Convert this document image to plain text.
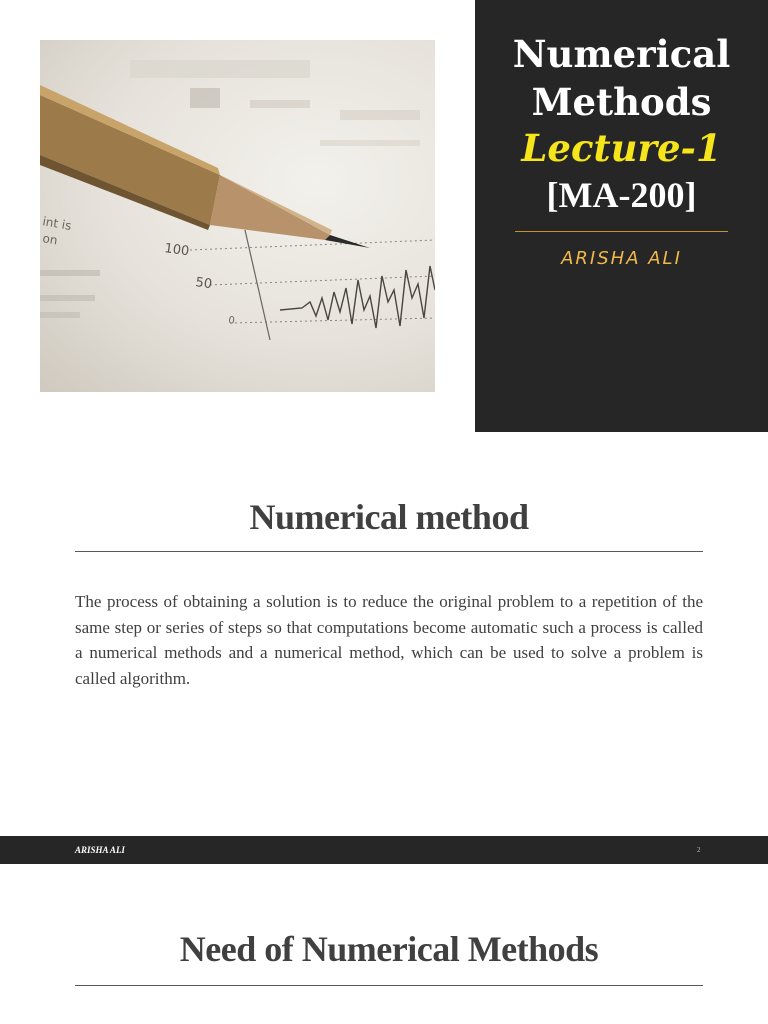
100
50
0
int is
on
Numerical
Methods
Lecture-1
[MA-200]
ARISHA ALI
Numerical method

The process of obtaining a solution is to reduce the original problem to a repetition of the same step or series of steps so that computations become automatic such a process is called a numerical methods and a numerical method, which can be used to solve a problem is called algorithm.

ARISHA ALI	2
Need of Numerical Methods
